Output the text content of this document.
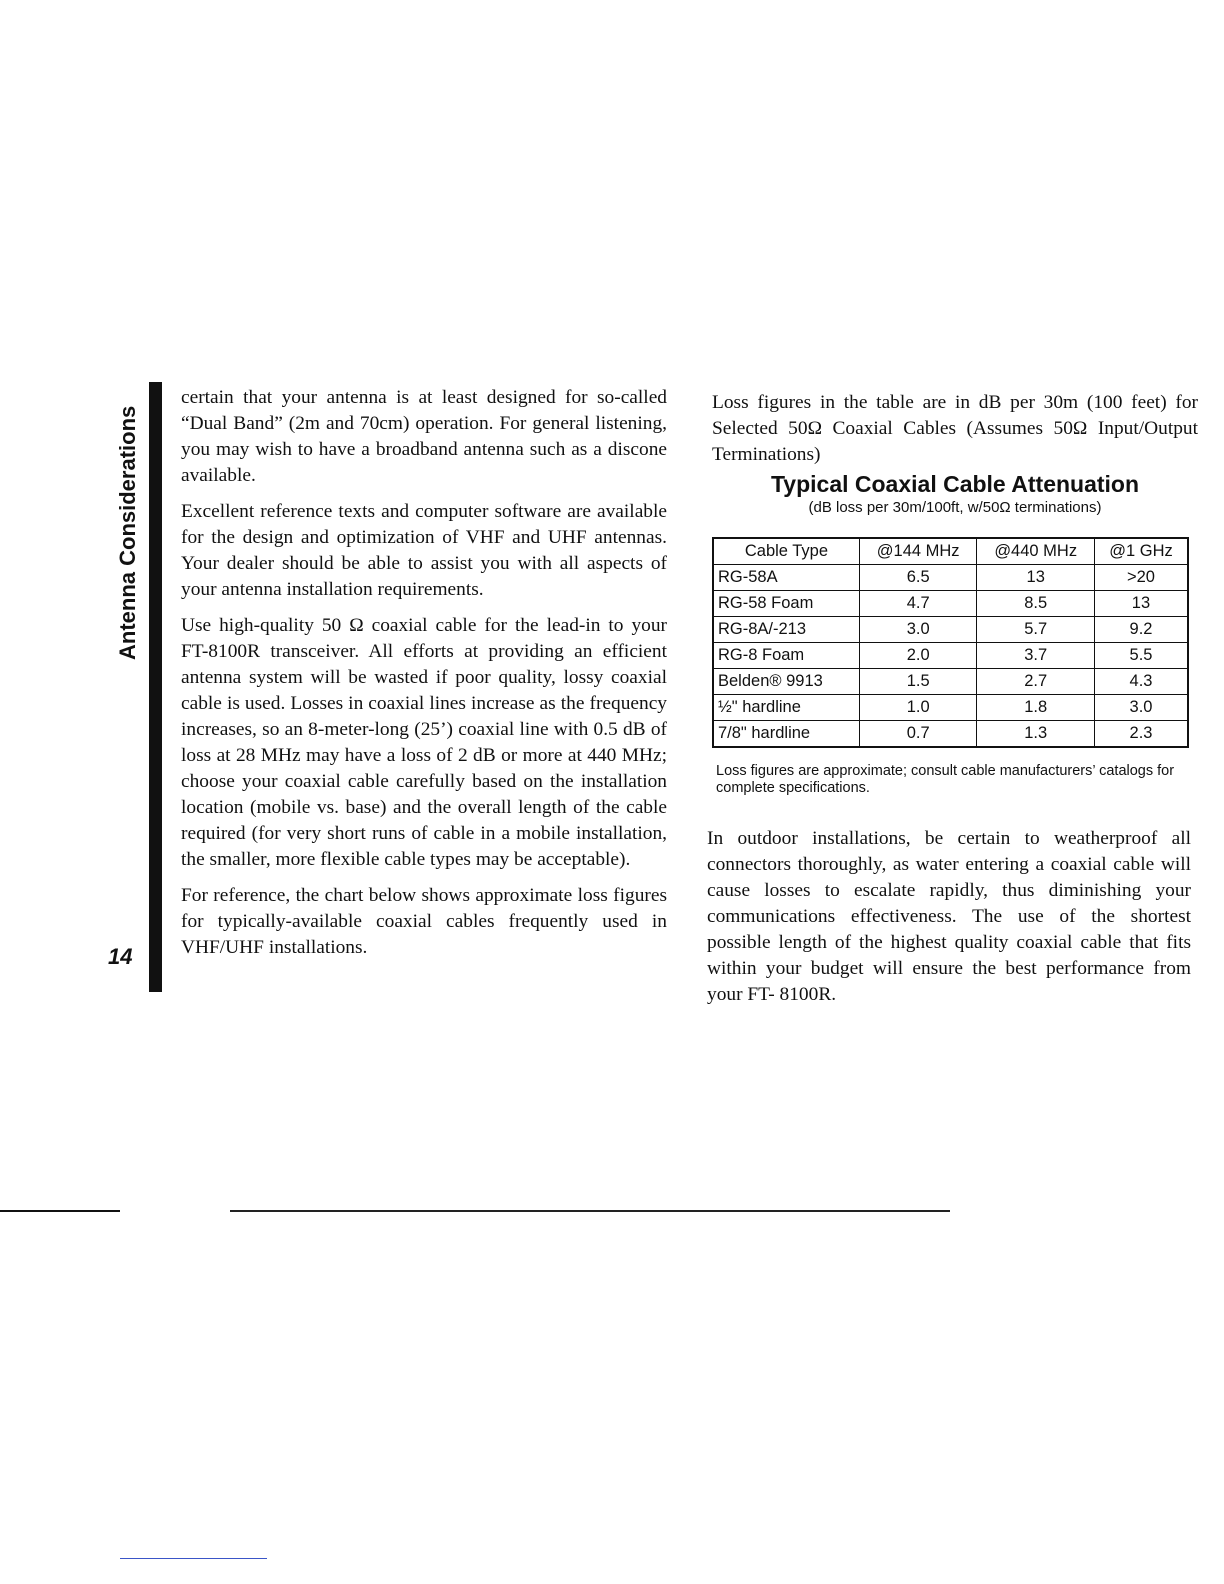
Antenna Considerations
14

certain that your antenna is at least designed for so-called “Dual Band” (2m and 70cm) operation. For general listening, you may wish to have a broadband antenna such as a discone available.

Excellent reference texts and computer software are available for the design and optimization of VHF and UHF antennas. Your dealer should be able to assist you with all aspects of your antenna installation requirements.

Use high-quality 50 Ω coaxial cable for the lead-in to your FT-8100R transceiver. All efforts at providing an efficient antenna system will be wasted if poor quality, lossy coaxial cable is used. Losses in coaxial lines increase as the frequency increases, so an 8-meter-long (25’) coaxial line with 0.5 dB of loss at 28 MHz may have a loss of 2 dB or more at 440 MHz; choose your coaxial cable carefully based on the installation location (mobile vs. base) and the overall length of the cable required (for very short runs of cable in a mobile installation, the smaller, more flexible cable types may be acceptable).

For reference, the chart below shows approximate loss figures for typically-available coaxial cables frequently used in VHF/UHF installations.

Loss figures in the table are in dB per 30m (100 feet) for Selected 50Ω Coaxial Cables (Assumes 50Ω Input/Output Terminations)

Typical Coaxial Cable Attenuation
(dB loss per 30m/100ft, w/50Ω terminations)
Cable Type	@144 MHz	@440 MHz	@1 GHz
RG-58A	6.5	13	>20
RG-58 Foam	4.7	8.5	13
RG-8A/-213	3.0	5.7	9.2
RG-8 Foam	2.0	3.7	5.5
Belden® 9913	1.5	2.7	4.3
½" hardline	1.0	1.8	3.0
7/8" hardline	0.7	1.3	2.3
Loss figures are approximate; consult cable manufacturers’ catalogs for complete specifications.

In outdoor installations, be certain to weatherproof all connectors thoroughly, as water entering a coaxial cable will cause losses to escalate rapidly, thus diminishing your communications effectiveness. The use of the shortest possible length of the highest quality coaxial cable that fits within your budget will ensure the best performance from your FT- 8100R.
